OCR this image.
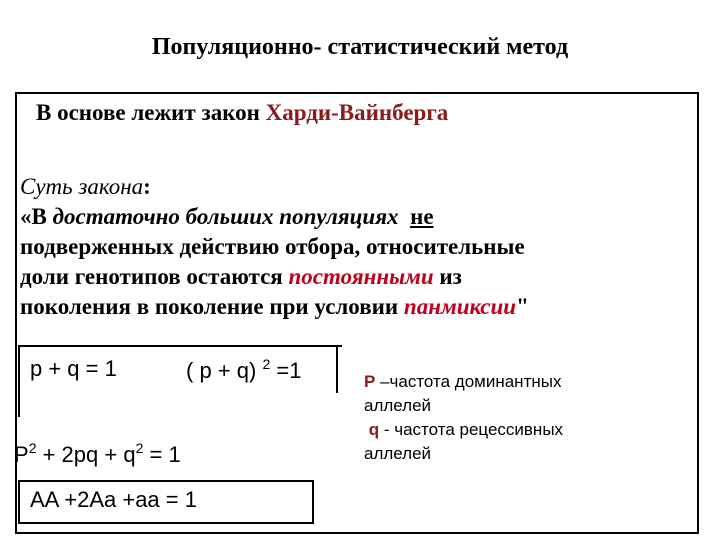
Популяционно- статистический метод
В основе лежит закон Харди-Вайнберга
Суть закона:
«В достаточно больших популяциях не
подверженных действию отбора, относительные
доли генотипов остаются постоянными из
поколения в поколение при условии панмиксии"
p + q = 1	( p + q) $^2$ =1
$P^2 + 2pq + q^2 = 1$
AA +2Aa +aa = 1
P –частота доминантных
аллелей
q - частота рецессивных
аллелей
